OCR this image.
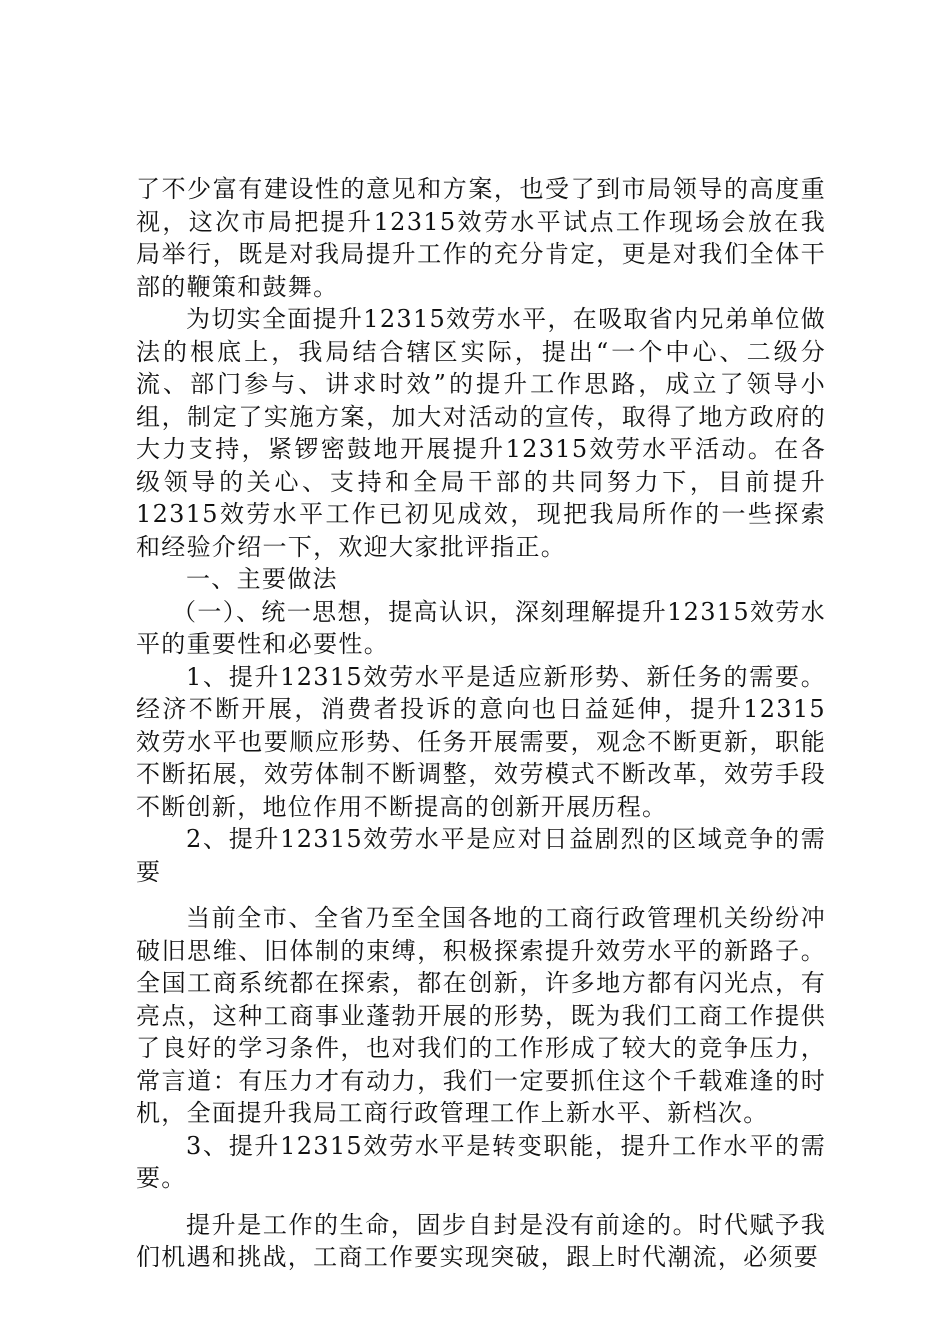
了不少富有建设性的意见和方案，也受了到市局领导的高度重视，这次市局把提升12315效劳水平试点工作现场会放在我局举行，既是对我局提升工作的充分肯定，更是对我们全体干部的鞭策和鼓舞。

为切实全面提升12315效劳水平，在吸取省内兄弟单位做法的根底上，我局结合辖区实际，提出“一个中心、二级分流、部门参与、讲求时效”的提升工作思路，成立了领导小组，制定了实施方案，加大对活动的宣传，取得了地方政府的大力支持，紧锣密鼓地开展提升12315效劳水平活动。在各级领导的关心、支持和全局干部的共同努力下，目前提升12315效劳水平工作已初见成效，现把我局所作的一些探索和经验介绍一下，欢迎大家批评指正。

一、主要做法

（一）、统一思想，提高认识，深刻理解提升12315效劳水平的重要性和必要性。

1、提升12315效劳水平是适应新形势、新任务的需要。经济不断开展，消费者投诉的意向也日益延伸，提升12315效劳水平也要顺应形势、任务开展需要，观念不断更新，职能不断拓展，效劳体制不断调整，效劳模式不断改革，效劳手段不断创新，地位作用不断提高的创新开展历程。

2、提升12315效劳水平是应对日益剧烈的区域竞争的需要

当前全市、全省乃至全国各地的工商行政管理机关纷纷冲破旧思维、旧体制的束缚，积极探索提升效劳水平的新路子。全国工商系统都在探索，都在创新，许多地方都有闪光点，有亮点，这种工商事业蓬勃开展的形势，既为我们工商工作提供了良好的学习条件，也对我们的工作形成了较大的竞争压力，常言道：有压力才有动力，我们一定要抓住这个千载难逢的时机，全面提升我局工商行政管理工作上新水平、新档次。

3、提升12315效劳水平是转变职能，提升工作水平的需要。

提升是工作的生命，固步自封是没有前途的。时代赋予我们机遇和挑战，工商工作要实现突破，跟上时代潮流，必须要
